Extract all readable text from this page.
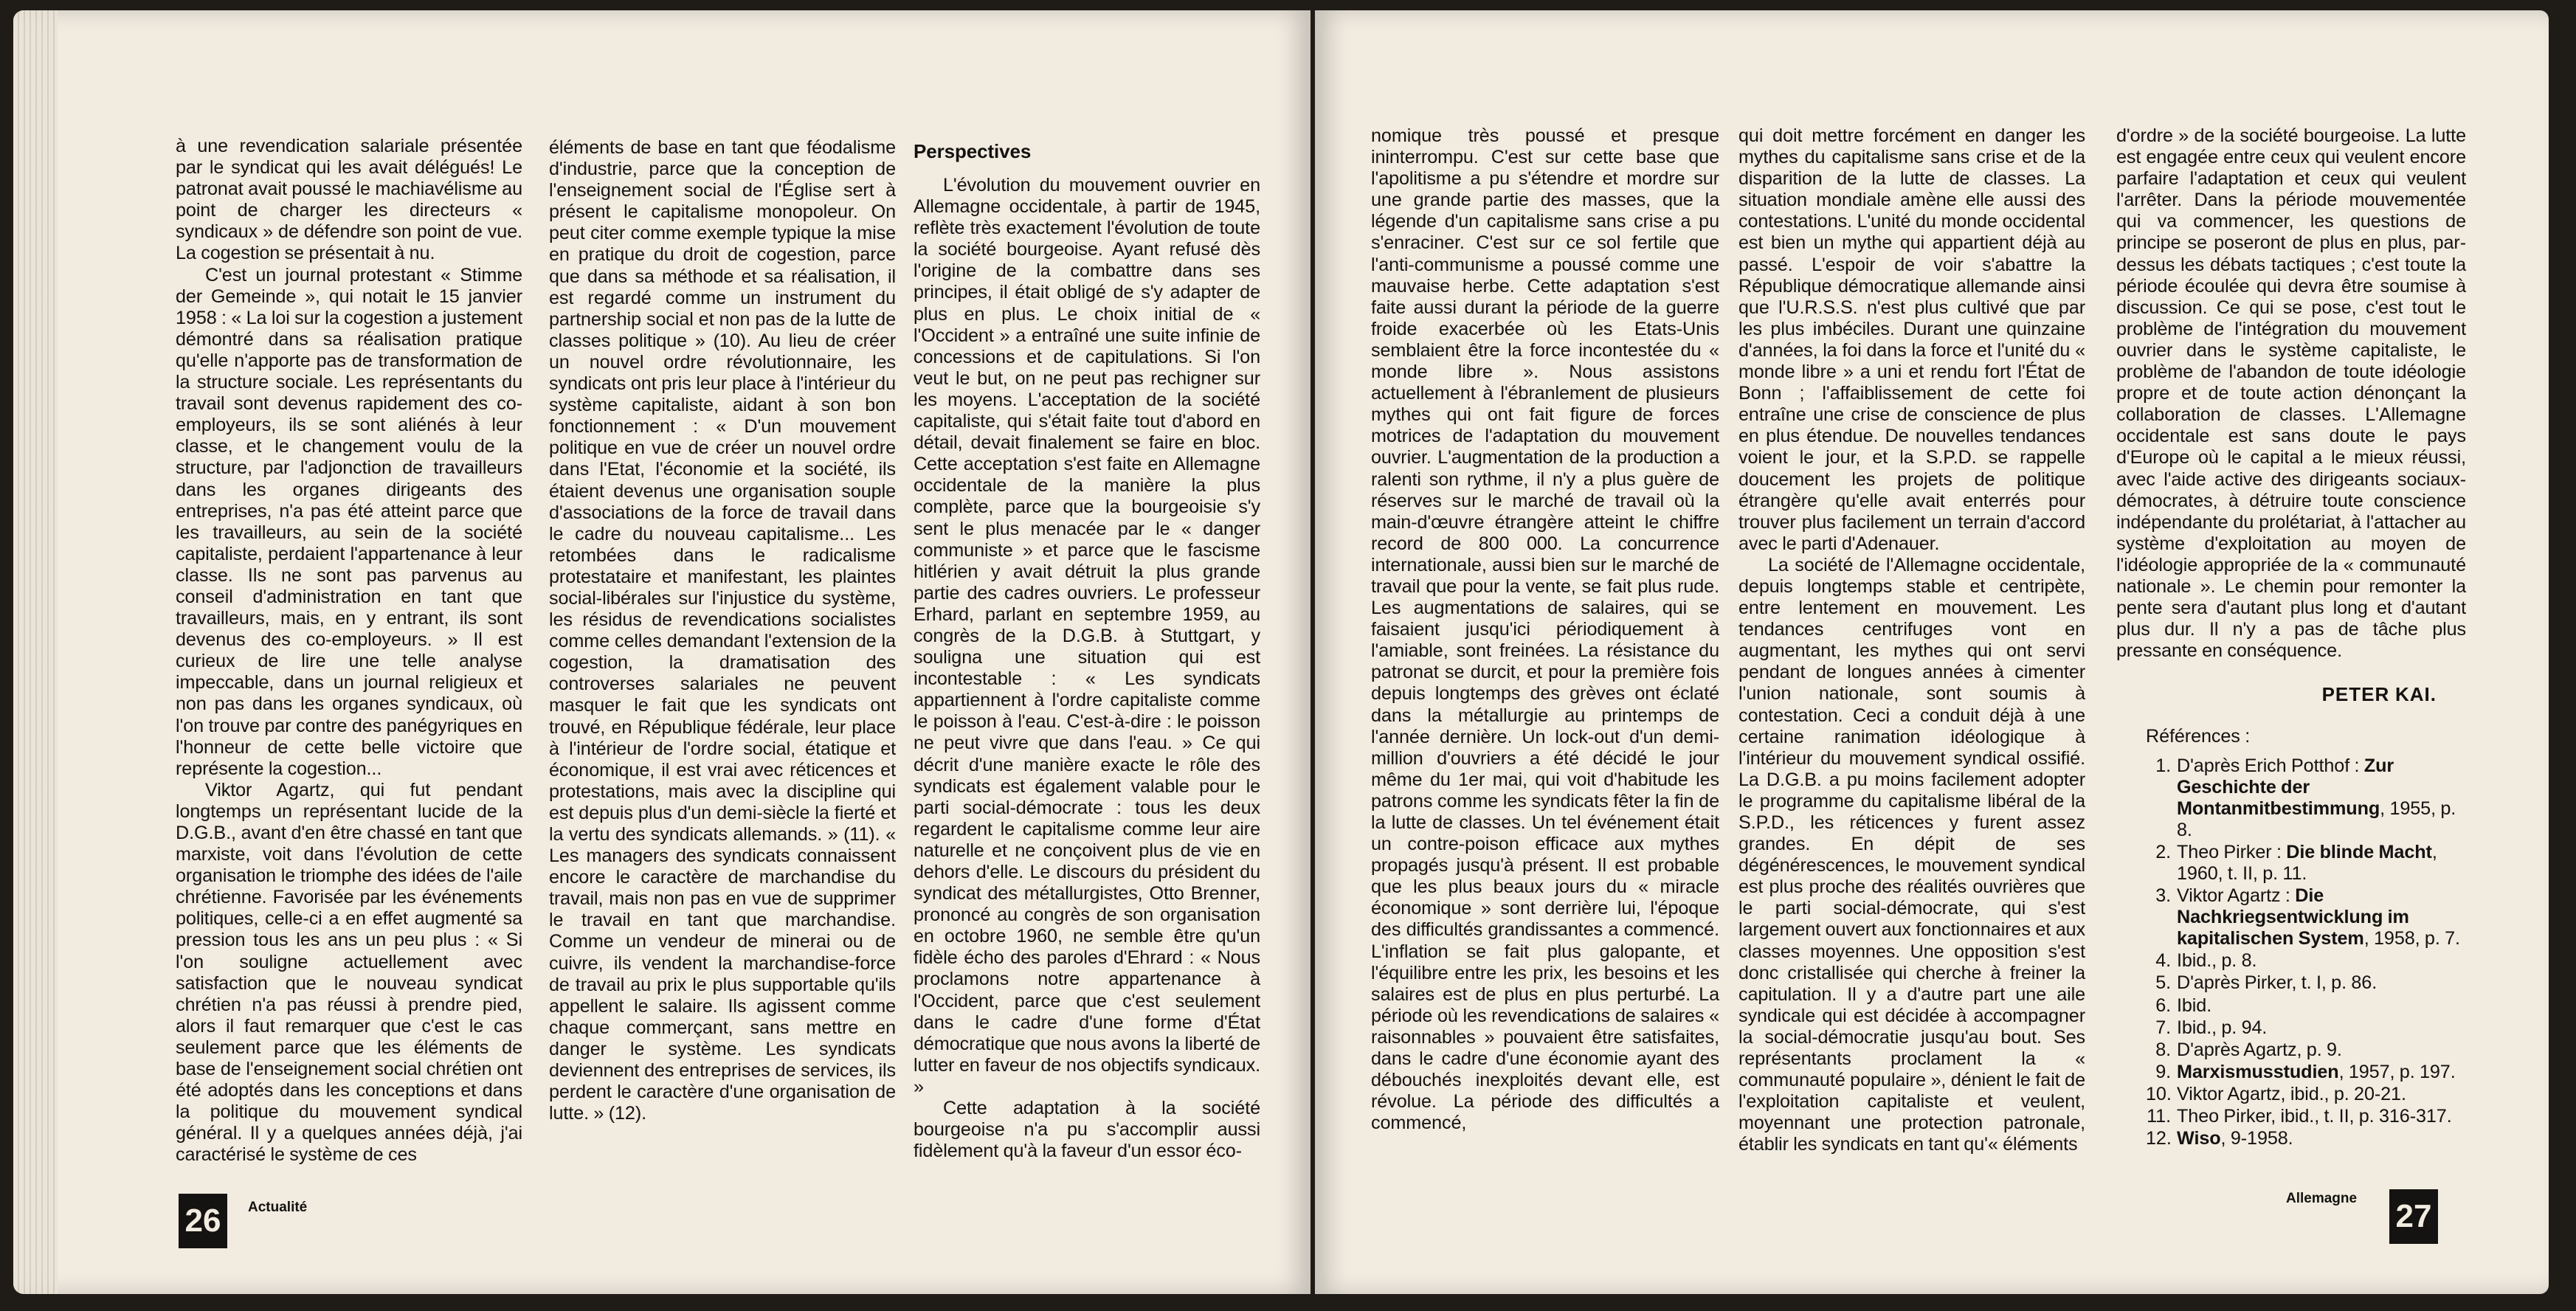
à une revendication salariale présentée par le syndicat qui les avait délégués! Le patronat avait poussé le machiavélisme au point de charger les directeurs « syndicaux » de défendre son point de vue. La cogestion se présentait à nu.

C'est un journal protestant « Stimme der Gemeinde », qui notait le 15 janvier 1958 : « La loi sur la cogestion a justement démontré dans sa réalisation pratique qu'elle n'apporte pas de transformation de la structure sociale. Les représentants du travail sont devenus rapidement des co-employeurs, ils se sont aliénés à leur classe, et le changement voulu de la structure, par l'adjonction de travailleurs dans les organes dirigeants des entreprises, n'a pas été atteint parce que les travailleurs, au sein de la société capitaliste, perdaient l'appartenance à leur classe. Ils ne sont pas parvenus au conseil d'administration en tant que travailleurs, mais, en y entrant, ils sont devenus des co-employeurs. » Il est curieux de lire une telle analyse impeccable, dans un journal religieux et non pas dans les organes syndicaux, où l'on trouve par contre des panégyriques en l'honneur de cette belle victoire que représente la cogestion...

Viktor Agartz, qui fut pendant longtemps un représentant lucide de la D.G.B., avant d'en être chassé en tant que marxiste, voit dans l'évolution de cette organisation le triomphe des idées de l'aile chrétienne. Favorisée par les événements politiques, celle-ci a en effet augmenté sa pression tous les ans un peu plus : « Si l'on souligne actuellement avec satisfaction que le nouveau syndicat chrétien n'a pas réussi à prendre pied, alors il faut remarquer que c'est le cas seulement parce que les éléments de base de l'enseignement social chrétien ont été adoptés dans les conceptions et dans la politique du mouvement syndical général. Il y a quelques années déjà, j'ai caractérisé le système de ces

éléments de base en tant que féodalisme d'industrie, parce que la conception de l'enseignement social de l'Église sert à présent le capitalisme monopoleur. On peut citer comme exemple typique la mise en pratique du droit de cogestion, parce que dans sa méthode et sa réalisation, il est regardé comme un instrument du partnership social et non pas de la lutte de classes politique » (10). Au lieu de créer un nouvel ordre révolutionnaire, les syndicats ont pris leur place à l'intérieur du système capitaliste, aidant à son bon fonctionnement : « D'un mouvement politique en vue de créer un nouvel ordre dans l'Etat, l'économie et la société, ils étaient devenus une organisation souple d'associations de la force de travail dans le cadre du nouveau capitalisme... Les retombées dans le radicalisme protestataire et manifestant, les plaintes social-libérales sur l'injustice du système, les résidus de revendications socialistes comme celles demandant l'extension de la cogestion, la dramatisation des controverses salariales ne peuvent masquer le fait que les syndicats ont trouvé, en République fédérale, leur place à l'intérieur de l'ordre social, étatique et économique, il est vrai avec réticences et protestations, mais avec la discipline qui est depuis plus d'un demi-siècle la fierté et la vertu des syndicats allemands. » (11). « Les managers des syndicats connaissent encore le caractère de marchandise du travail, mais non pas en vue de supprimer le travail en tant que marchandise. Comme un vendeur de minerai ou de cuivre, ils vendent la marchandise-force de travail au prix le plus supportable qu'ils appellent le salaire. Ils agissent comme chaque commerçant, sans mettre en danger le système. Les syndicats deviennent des entreprises de services, ils perdent le caractère d'une organisation de lutte. » (12).

Perspectives

L'évolution du mouvement ouvrier en Allemagne occidentale, à partir de 1945, reflète très exactement l'évolution de toute la société bourgeoise. Ayant refusé dès l'origine de la combattre dans ses principes, il était obligé de s'y adapter de plus en plus. Le choix initial de « l'Occident » a entraîné une suite infinie de concessions et de capitulations. Si l'on veut le but, on ne peut pas rechigner sur les moyens. L'acceptation de la société capitaliste, qui s'était faite tout d'abord en détail, devait finalement se faire en bloc. Cette acceptation s'est faite en Allemagne occidentale de la manière la plus complète, parce que la bourgeoisie s'y sent le plus menacée par le « danger communiste » et parce que le fascisme hitlérien y avait détruit la plus grande partie des cadres ouvriers. Le professeur Erhard, parlant en septembre 1959, au congrès de la D.G.B. à Stuttgart, y souligna une situation qui est incontestable : « Les syndicats appartiennent à l'ordre capitaliste comme le poisson à l'eau. C'est-à-dire : le poisson ne peut vivre que dans l'eau. » Ce qui décrit d'une manière exacte le rôle des syndicats est également valable pour le parti social-démocrate : tous les deux regardent le capitalisme comme leur aire naturelle et ne conçoivent plus de vie en dehors d'elle. Le discours du président du syndicat des métallurgistes, Otto Brenner, prononcé au congrès de son organisation en octobre 1960, ne semble être qu'un fidèle écho des paroles d'Ehrard : « Nous proclamons notre appartenance à l'Occident, parce que c'est seulement dans le cadre d'une forme d'État démocratique que nous avons la liberté de lutter en faveur de nos objectifs syndicaux. »

Cette adaptation à la société bourgeoise n'a pu s'accomplir aussi fidèlement qu'à la faveur d'un essor éco-

26	Actualité

nomique très poussé et presque ininterrompu. C'est sur cette base que l'apolitisme a pu s'étendre et mordre sur une grande partie des masses, que la légende d'un capitalisme sans crise a pu s'enraciner. C'est sur ce sol fertile que l'anti-communisme a poussé comme une mauvaise herbe. Cette adaptation s'est faite aussi durant la période de la guerre froide exacerbée où les Etats-Unis semblaient être la force incontestée du « monde libre ». Nous assistons actuellement à l'ébranlement de plusieurs mythes qui ont fait figure de forces motrices de l'adaptation du mouvement ouvrier. L'augmentation de la production a ralenti son rythme, il n'y a plus guère de réserves sur le marché de travail où la main-d'œuvre étrangère atteint le chiffre record de 800 000. La concurrence internationale, aussi bien sur le marché de travail que pour la vente, se fait plus rude. Les augmentations de salaires, qui se faisaient jusqu'ici périodiquement à l'amiable, sont freinées. La résistance du patronat se durcit, et pour la première fois depuis longtemps des grèves ont éclaté dans la métallurgie au printemps de l'année dernière. Un lock-out d'un demi-million d'ouvriers a été décidé le jour même du 1er mai, qui voit d'habitude les patrons comme les syndicats fêter la fin de la lutte de classes. Un tel événement était un contre-poison efficace aux mythes propagés jusqu'à présent. Il est probable que les plus beaux jours du « miracle économique » sont derrière lui, l'époque des difficultés grandissantes a commencé. L'inflation se fait plus galopante, et l'équilibre entre les prix, les besoins et les salaires est de plus en plus perturbé. La période où les revendications de salaires « raisonnables » pouvaient être satisfaites, dans le cadre d'une économie ayant des débouchés inexploités devant elle, est révolue. La période des difficultés a commencé,

qui doit mettre forcément en danger les mythes du capitalisme sans crise et de la disparition de la lutte de classes. La situation mondiale amène elle aussi des contestations. L'unité du monde occidental est bien un mythe qui appartient déjà au passé. L'espoir de voir s'abattre la République démocratique allemande ainsi que l'U.R.S.S. n'est plus cultivé que par les plus imbéciles. Durant une quinzaine d'années, la foi dans la force et l'unité du « monde libre » a uni et rendu fort l'État de Bonn ; l'affaiblissement de cette foi entraîne une crise de conscience de plus en plus étendue. De nouvelles tendances voient le jour, et la S.P.D. se rappelle doucement les projets de politique étrangère qu'elle avait enterrés pour trouver plus facilement un terrain d'accord avec le parti d'Adenauer.

La société de l'Allemagne occidentale, depuis longtemps stable et centripète, entre lentement en mouvement. Les tendances centrifuges vont en augmentant, les mythes qui ont servi pendant de longues années à cimenter l'union nationale, sont soumis à contestation. Ceci a conduit déjà à une certaine ranimation idéologique à l'intérieur du mouvement syndical ossifié. La D.G.B. a pu moins facilement adopter le programme du capitalisme libéral de la S.P.D., les réticences y furent assez grandes. En dépit de ses dégénérescences, le mouvement syndical est plus proche des réalités ouvrières que le parti social-démocrate, qui s'est largement ouvert aux fonctionnaires et aux classes moyennes. Une opposition s'est donc cristallisée qui cherche à freiner la capitulation. Il y a d'autre part une aile syndicale qui est décidée à accompagner la social-démocratie jusqu'au bout. Ses représentants proclament la « communauté populaire », dénient le fait de l'exploitation capitaliste et veulent, moyennant une protection patronale, établir les syndicats en tant qu'« éléments

d'ordre » de la société bourgeoise. La lutte est engagée entre ceux qui veulent encore parfaire l'adaptation et ceux qui veulent l'arrêter. Dans la période mouvementée qui va commencer, les questions de principe se poseront de plus en plus, par-dessus les débats tactiques ; c'est toute la période écoulée qui devra être soumise à discussion. Ce qui se pose, c'est tout le problème de l'intégration du mouvement ouvrier dans le système capitaliste, le problème de l'abandon de toute idéologie propre et de toute action dénonçant la collaboration de classes. L'Allemagne occidentale est sans doute le pays d'Europe où le capital a le mieux réussi, avec l'aide active des dirigeants sociaux-démocrates, à détruire toute conscience indépendante du prolétariat, à l'attacher au système d'exploitation au moyen de l'idéologie appropriée de la « communauté nationale ». Le chemin pour remonter la pente sera d'autant plus long et d'autant plus dur. Il n'y a pas de tâche plus pressante en conséquence.

PETER KAI.
Références :
1. D'après Erich Potthof : Zur Geschichte der Montanmitbestimmung, 1955, p. 8.
2. Theo Pirker : Die blinde Macht, 1960, t. II, p. 11.
3. Viktor Agartz : Die Nachkriegsentwicklung im kapitalischen System, 1958, p. 7.
4. Ibid., p. 8.
5. D'après Pirker, t. I, p. 86.
6. Ibid.
7. Ibid., p. 94.
8. D'après Agartz, p. 9.
9. Marxismusstudien, 1957, p. 197.
10. Viktor Agartz, ibid., p. 20-21.
11. Theo Pirker, ibid., t. II, p. 316-317.
12. Wiso, 9-1958.
Allemagne 27
